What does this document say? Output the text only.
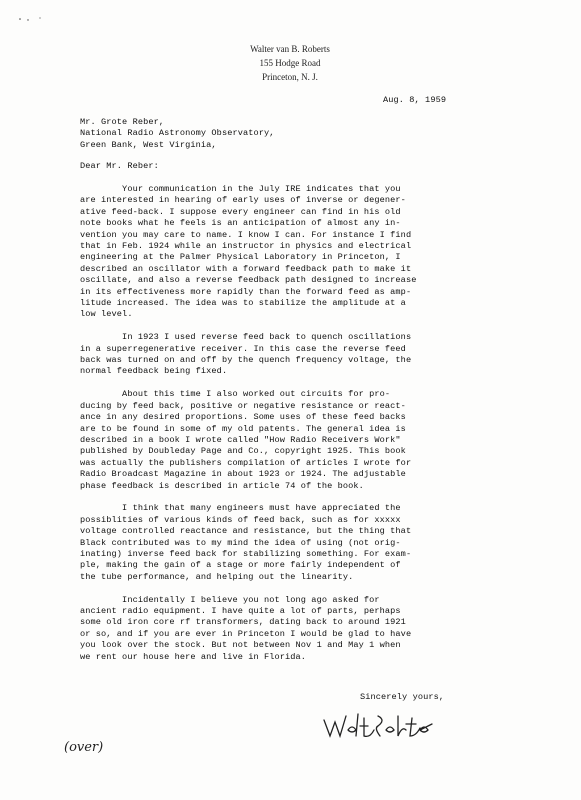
Walter van B. Roberts
155 Hodge Road
Princeton, N. J.
Aug. 8, 1959
Mr. Grote Reber,
National Radio Astronomy Observatory,
Green Bank, West Virginia,
Dear Mr. Reber:

Your communication in the July IRE indicates that you
are interested in hearing of early uses of inverse or degener-
ative feed-back. I suppose every engineer can find in his old
note books what he feels is an anticipation of almost any in-
vention you may care to name. I know I can. For instance I find
that in Feb. 1924 while an instructor in physics and electrical
engineering at the Palmer Physical Laboratory in Princeton, I
described an oscillator with a forward feedback path to make it
oscillate, and also a reverse feedback path designed to increase
in its effectiveness more rapidly than the forward feed as amp-
litude increased. The idea was to stabilize the amplitude at a
low level.

In 1923 I used reverse feed back to quench oscillations
in a superregenerative receiver. In this case the reverse feed
back was turned on and off by the quench frequency voltage, the
normal feedback being fixed.

About this time I also worked out circuits for pro-
ducing by feed back, positive or negative resistance or react-
ance in any desired proportions. Some uses of these feed backs
are to be found in some of my old patents. The general idea is
described in a book I wrote called "How Radio Receivers Work"
published by Doubleday Page and Co., copyright 1925. This book
was actually the publishers compilation of articles I wrote for
Radio Broadcast Magazine in about 1923 or 1924. The adjustable
phase feedback is described in article 74 of the book.

I think that many engineers must have appreciated the
possiblities of various kinds of feed back, such as for xxxxx
voltage controlled reactance and resistance, but the thing that
Black contributed was to my mind the idea of using (not orig-
inating) inverse feed back for stabilizing something. For exam-
ple, making the gain of a stage or more fairly independent of
the tube performance, and helping out the linearity.

Incidentally I believe you not long ago asked for
ancient radio equipment. I have quite a lot of parts, perhaps
some old iron core rf transformers, dating back to around 1921
or so, and if you are ever in Princeton I would be glad to have
you look over the stock. But not between Nov 1 and May 1 when
we rent our house here and live in Florida.

Sincerely yours,
(over)
